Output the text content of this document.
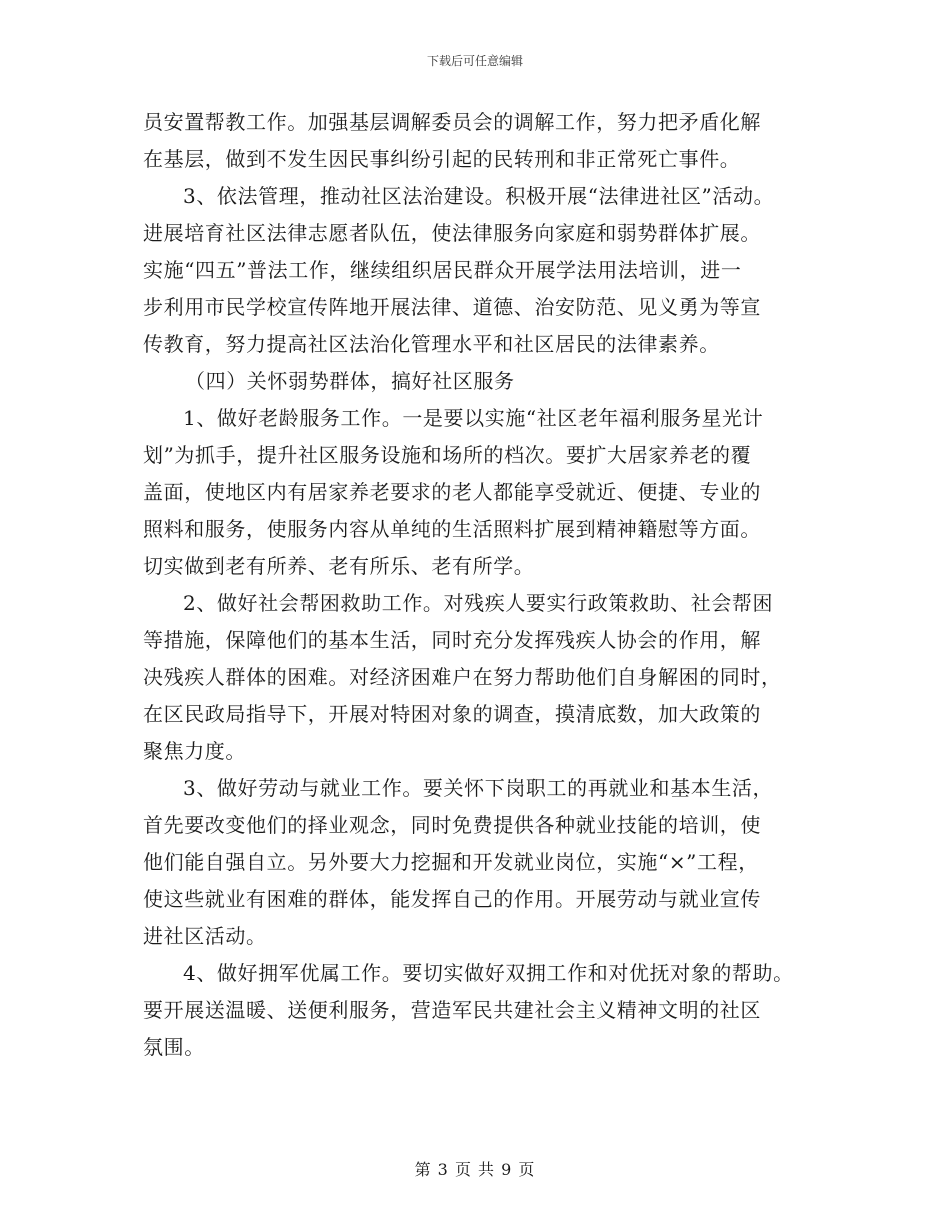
下载后可任意编辑
员安置帮教工作。加强基层调解委员会的调解工作，努力把矛盾化解
在基层，做到不发生因民事纠纷引起的民转刑和非正常死亡事件。
3、依法管理，推动社区法治建设。积极开展“法律进社区”活动。
进展培育社区法律志愿者队伍，使法律服务向家庭和弱势群体扩展。
实施“四五”普法工作，继续组织居民群众开展学法用法培训，进一
步利用市民学校宣传阵地开展法律、道德、治安防范、见义勇为等宣
传教育，努力提高社区法治化管理水平和社区居民的法律素养。
（四）关怀弱势群体，搞好社区服务
1、做好老龄服务工作。一是要以实施“社区老年福利服务星光计
划”为抓手，提升社区服务设施和场所的档次。要扩大居家养老的覆
盖面，使地区内有居家养老要求的老人都能享受就近、便捷、专业的
照料和服务，使服务内容从单纯的生活照料扩展到精神籍慰等方面。
切实做到老有所养、老有所乐、老有所学。
2、做好社会帮困救助工作。对残疾人要实行政策救助、社会帮困
等措施，保障他们的基本生活，同时充分发挥残疾人协会的作用，解
决残疾人群体的困难。对经济困难户在努力帮助他们自身解困的同时，
在区民政局指导下，开展对特困对象的调查，摸清底数，加大政策的
聚焦力度。
3、做好劳动与就业工作。要关怀下岗职工的再就业和基本生活，
首先要改变他们的择业观念，同时免费提供各种就业技能的培训，使
他们能自强自立。另外要大力挖掘和开发就业岗位，实施“×”工程，
使这些就业有困难的群体，能发挥自己的作用。开展劳动与就业宣传
进社区活动。
4、做好拥军优属工作。要切实做好双拥工作和对优抚对象的帮助。
要开展送温暖、送便利服务，营造军民共建社会主义精神文明的社区
氛围。
第 3 页 共 9 页
